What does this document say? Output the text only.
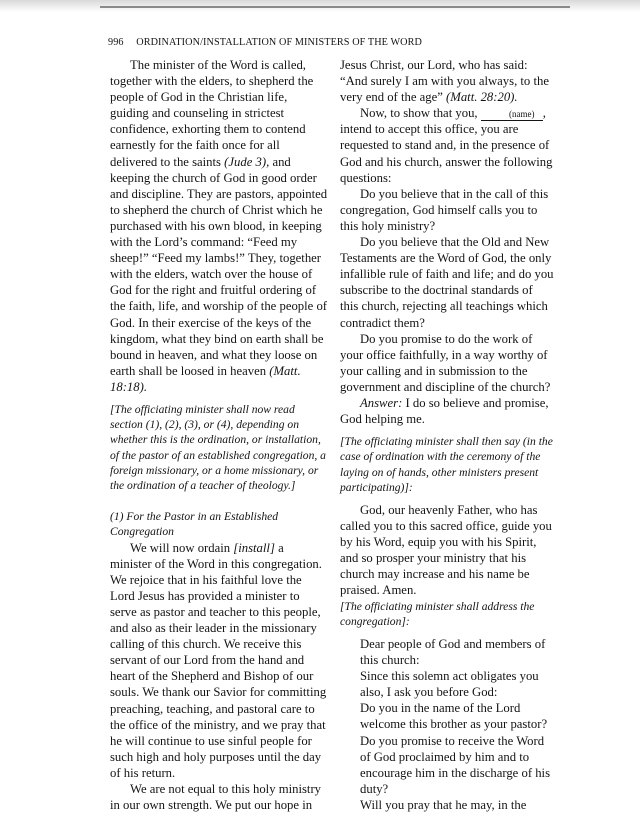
996 ORDINATION/INSTALLATION OF MINISTERS OF THE WORD

The minister of the Word is called, together with the elders, to shepherd the people of God in the Christian life, guiding and counseling in strictest confidence, exhorting them to contend earnestly for the faith once for all delivered to the saints (Jude 3), and keeping the church of God in good order and discipline. They are pastors, appointed to shepherd the church of Christ which he purchased with his own blood, in keeping with the Lord’s command: “Feed my sheep!” “Feed my lambs!” They, together with the elders, watch over the house of God for the right and fruitful ordering of the faith, life, and worship of the people of God. In their exercise of the keys of the kingdom, what they bind on earth shall be bound in heaven, and what they loose on earth shall be loosed in heaven (Matt. 18:18).

[The officiating minister shall now read section (1), (2), (3), or (4), depending on whether this is the ordination, or installation, of the pastor of an established congregation, a foreign missionary, or a home missionary, or the ordination of a teacher of theology.]

(1) For the Pastor in an Established Congregation

We will now ordain [install] a minister of the Word in this congregation. We rejoice that in his faithful love the Lord Jesus has provided a minister to serve as pastor and teacher to this people, and also as their leader in the missionary calling of this church. We receive this servant of our Lord from the hand and heart of the Shepherd and Bishop of our souls. We thank our Savior for committing preaching, teaching, and pastoral care to the office of the ministry, and we pray that he will continue to use sinful people for such high and holy purposes until the day of his return.

We are not equal to this holy ministry in our own strength. We put our hope in

Jesus Christ, our Lord, who has said: “And surely I am with you always, to the very end of the age” (Matt. 28:20).

Now, to show that you,	(name) , intend to accept this office, you are requested to stand and, in the presence of God and his church, answer the following questions:

Do you believe that in the call of this congregation, God himself calls you to this holy ministry?

Do you believe that the Old and New Testaments are the Word of God, the only infallible rule of faith and life; and do you subscribe to the doctrinal standards of this church, rejecting all teachings which contradict them?

Do you promise to do the work of your office faithfully, in a way worthy of your calling and in submission to the government and discipline of the church?

Answer: I do so believe and promise, God helping me.

[The officiating minister shall then say (in the case of ordination with the ceremony of the laying on of hands, other ministers present participating)]:

God, our heavenly Father, who has called you to this sacred office, guide you by his Word, equip you with his Spirit, and so prosper your ministry that his church may increase and his name be praised. Amen.

[The officiating minister shall address the congregation]:

Dear people of God and members of this church:

Since this solemn act obligates you also, I ask you before God:

Do you in the name of the Lord welcome this brother as your pastor?

Do you promise to receive the Word of God proclaimed by him and to encourage him in the discharge of his duty?

Will you pray that he may, in the
